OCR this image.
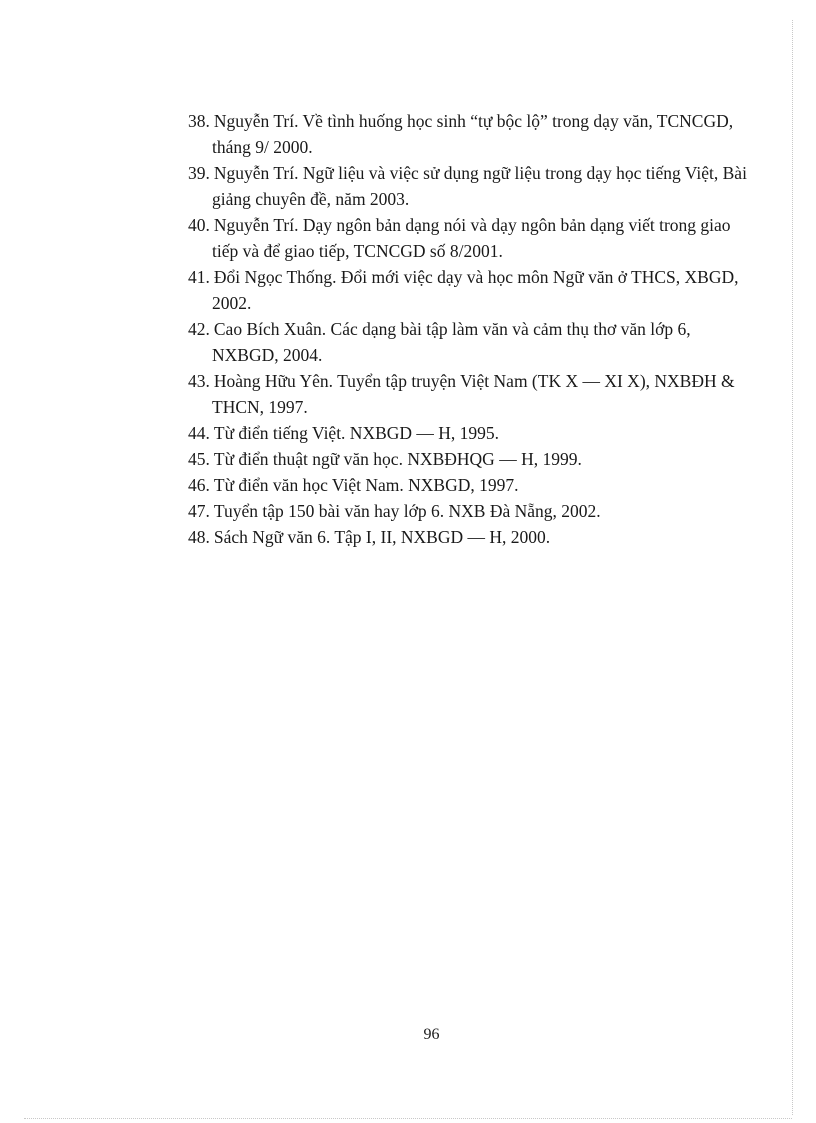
38. Nguyễn Trí. Về tình huống học sinh “tự bộc lộ” trong dạy văn, TCNCGD, tháng 9/ 2000.
39. Nguyễn Trí. Ngữ liệu và việc sử dụng ngữ liệu trong dạy học tiếng Việt, Bài giảng chuyên đề, năm 2003.
40. Nguyễn Trí. Dạy ngôn bản dạng nói và dạy ngôn bản dạng viết trong giao tiếp và để giao tiếp, TCNCGD số 8/2001.
41. Đổi Ngọc Thống. Đổi mới việc dạy và học môn Ngữ văn ở THCS, XBGD, 2002.
42. Cao Bích Xuân. Các dạng bài tập làm văn và cảm thụ thơ văn lớp 6, NXBGD, 2004.
43. Hoàng Hữu Yên. Tuyển tập truyện Việt Nam (TK X — XI X), NXBĐH & THCN, 1997.
44. Từ điển tiếng Việt. NXBGD — H, 1995.
45. Từ điển thuật ngữ văn học. NXBĐHQG — H, 1999.
46. Từ điển văn học Việt Nam. NXBGD, 1997.
47. Tuyển tập 150 bài văn hay lớp 6. NXB Đà Nẵng, 2002.
48. Sách Ngữ văn 6. Tập I, II, NXBGD — H, 2000.
96
